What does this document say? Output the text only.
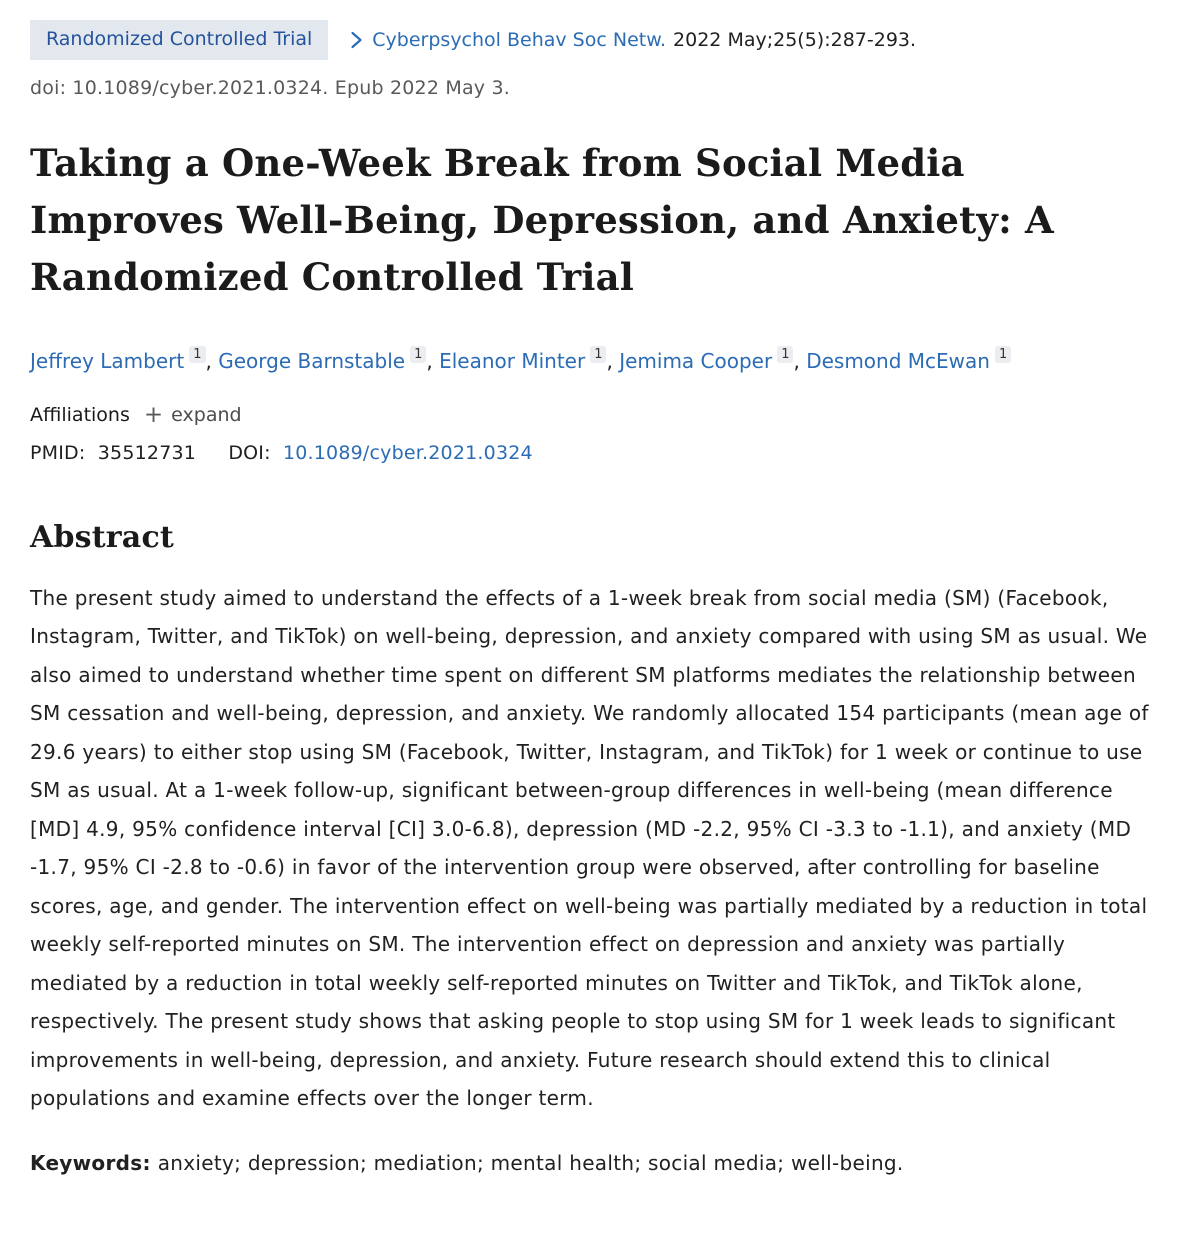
Randomized Controlled Trial	Cyberpsychol Behav Soc Netw. 2022 May;25(5):287-293.
doi: 10.1089/cyber.2021.0324. Epub 2022 May 3.
Taking a One-Week Break from Social Media
Improves Well-Being, Depression, and Anxiety: A
Randomized Controlled Trial
Jeffrey Lambert 1 , George Barnstable 1 , Eleanor Minter 1 , Jemima Cooper 1 , Desmond McEwan 1
Affiliations + expand
PMID: 35512731 DOI: 10.1089/cyber.2021.0324
Abstract

The present study aimed to understand the effects of a 1-week break from social media (SM) (Facebook, Instagram, Twitter, and TikTok) on well-being, depression, and anxiety compared with using SM as usual. We also aimed to understand whether time spent on different SM platforms mediates the relationship between SM cessation and well-being, depression, and anxiety. We randomly allocated 154 participants (mean age of 29.6 years) to either stop using SM (Facebook, Twitter, Instagram, and TikTok) for 1 week or continue to use SM as usual. At a 1-week follow-up, significant between-group differences in well-being (mean difference [MD] 4.9, 95% confidence interval [CI] 3.0-6.8), depression (MD -2.2, 95% CI -3.3 to -1.1), and anxiety (MD -1.7, 95% CI -2.8 to -0.6) in favor of the intervention group were observed, after controlling for baseline scores, age, and gender. The intervention effect on well-being was partially mediated by a reduction in total weekly self-reported minutes on SM. The intervention effect on depression and anxiety was partially mediated by a reduction in total weekly self-reported minutes on Twitter and TikTok, and TikTok alone, respectively. The present study shows that asking people to stop using SM for 1 week leads to significant improvements in well-being, depression, and anxiety. Future research should extend this to clinical populations and examine effects over the longer term.

Keywords: anxiety; depression; mediation; mental health; social media; well-being.
